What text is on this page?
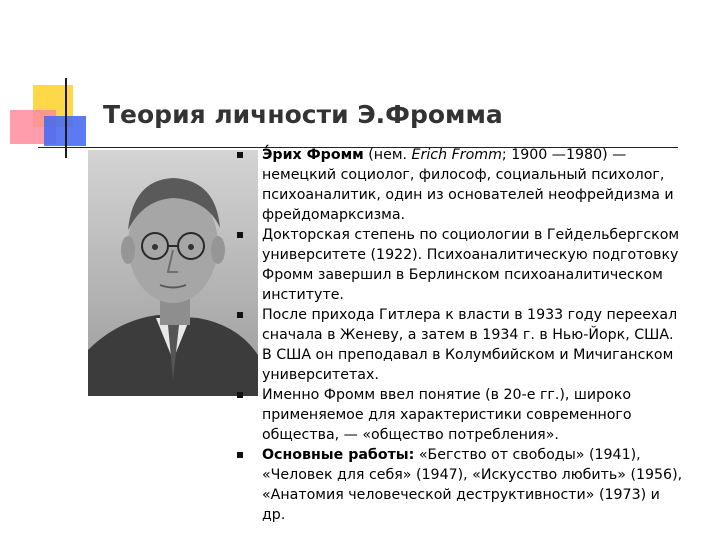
Теория личности Э.Фромма
Э́рих Фромм (нем. Erich Fromm; 1900 —1980) — немецкий социолог, философ, социальный психолог, психоаналитик, один из основателей неофрейдизма и фрейдомарксизма.
Докторская степень по социологии в Гейдельбергском университете (1922). Психоаналитическую подготовку Фромм завершил в Берлинском психоаналитическом институте.
После прихода Гитлера к власти в 1933 году переехал сначала в Женеву, а затем в 1934 г. в Нью-Йорк, США. В США он преподавал в Колумбийском и Мичиганском университетах.
Именно Фромм ввел понятие (в 20-е гг.), широко применяемое для характеристики современного общества, — «общество потребления».
Основные работы: «Бегство от свободы» (1941), «Человек для себя» (1947), «Искусство любить» (1956), «Анатомия человеческой деструктивности» (1973) и др.
